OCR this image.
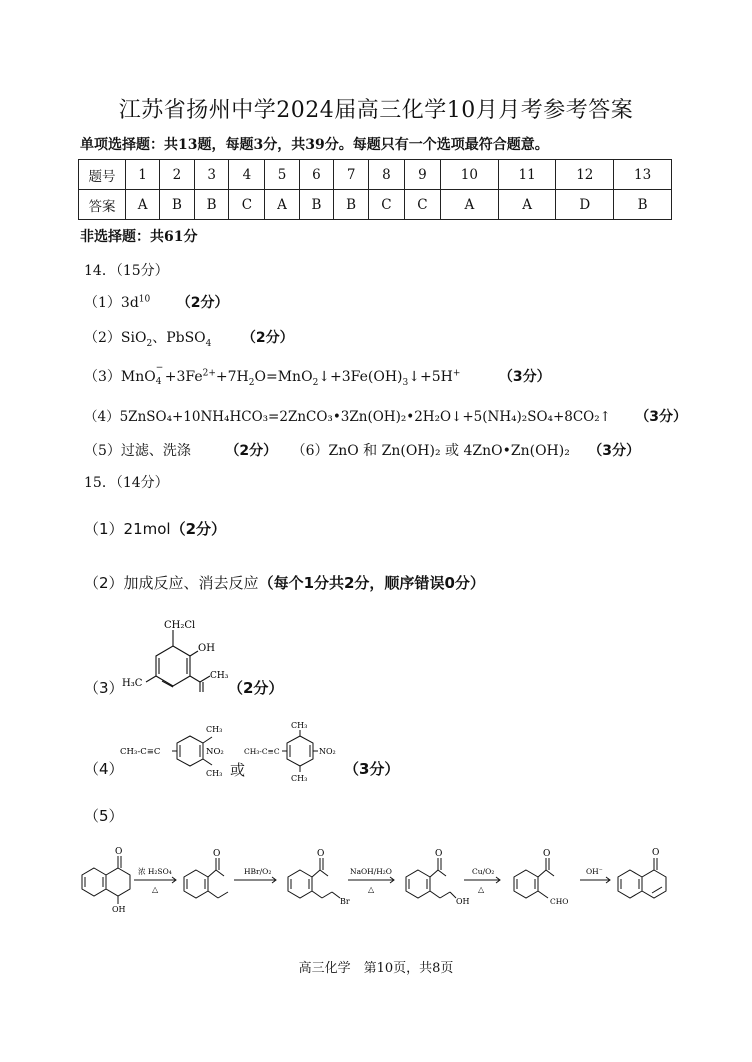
江苏省扬州中学2024届高三化学10月月考参考答案
单项选择题：共13题，每题3分，共39分。每题只有一个选项最符合题意。
题号	1	2	3	4	5	6	7	8	9	10	11	12	13
答案	A	B	B	C	A	B	B	C	C	A	A	D	B
非选择题：共61分
14．（15分）
$(1)3d^{10}$ （2分）
（2）SiO$_2$、PbSO$_4$ （2分）
（3）MnO
−
$4 +3Fe^{2+}+7H_2O=MnO_2↓+3Fe(OH)_3↓+5H^+$	（3分）
（4）5ZnSO₄+10NH₄HCO₃=2ZnCO₃•3Zn(OH)₂•2H₂O↓+5(NH₄)₂SO₄+8CO₂↑ （3分）
（5）过滤、洗涤 （2分） （6）ZnO 和 Zn(OH)₂ 或 4ZnO•Zn(OH)₂ （3分）
15．（14分）
（1）21mol（2分）
（2）加成反应、消去反应（每个1分共2分，顺序错误0分）
（3）
CH₂Cl
OH
CH₃
H₃C	（2分）
（4）
CH₃-C≡C
CH₃
NO₂
CH₃
CH₃-C≡C
CH₃
NO₂
CH₃
或	（3分）
（5）
O
OH
浓 H₂SO₄
△
O
HBr/O₂
O
Br
NaOH/H₂O
△
O
OH
Cu/O₂
△
O
CHO
OH⁻
O
高三化学　第10页，共8页
